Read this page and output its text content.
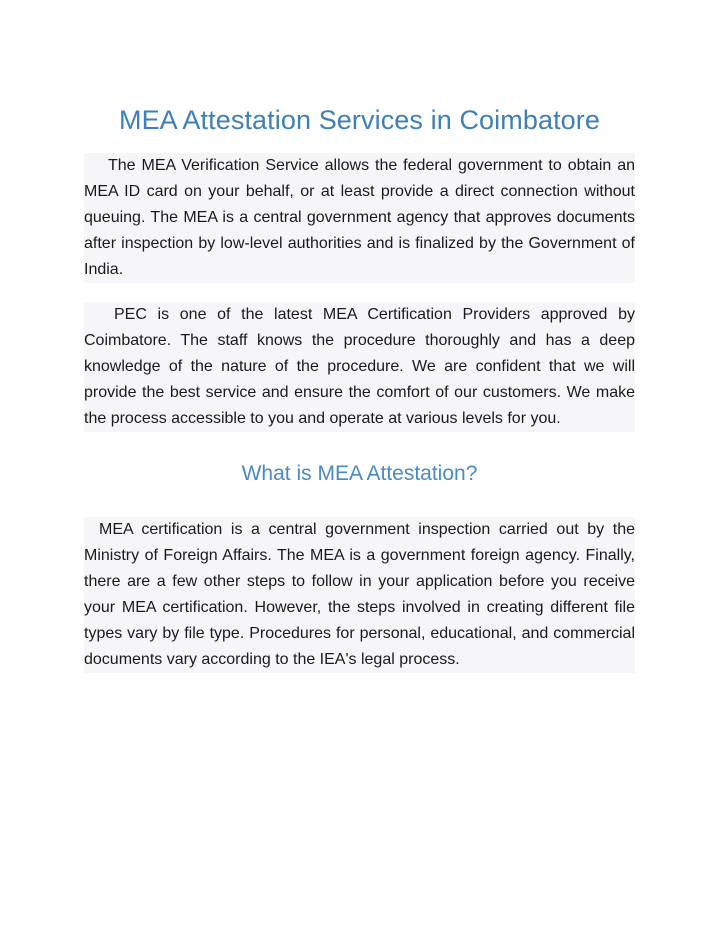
MEA Attestation Services in Coimbatore

The MEA Verification Service allows the federal government to obtain an MEA ID card on your behalf, or at least provide a direct connection without queuing. The MEA is a central government agency that approves documents after inspection by low-level authorities and is finalized by the Government of India.

PEC is one of the latest MEA Certification Providers approved by Coimbatore. The staff knows the procedure thoroughly and has a deep knowledge of the nature of the procedure. We are confident that we will provide the best service and ensure the comfort of our customers. We make the process accessible to you and operate at various levels for you.

What is MEA Attestation?

MEA certification is a central government inspection carried out by the Ministry of Foreign Affairs. The MEA is a government foreign agency. Finally, there are a few other steps to follow in your application before you receive your MEA certification. However, the steps involved in creating different file types vary by file type. Procedures for personal, educational, and commercial documents vary according to the IEA's legal process.
